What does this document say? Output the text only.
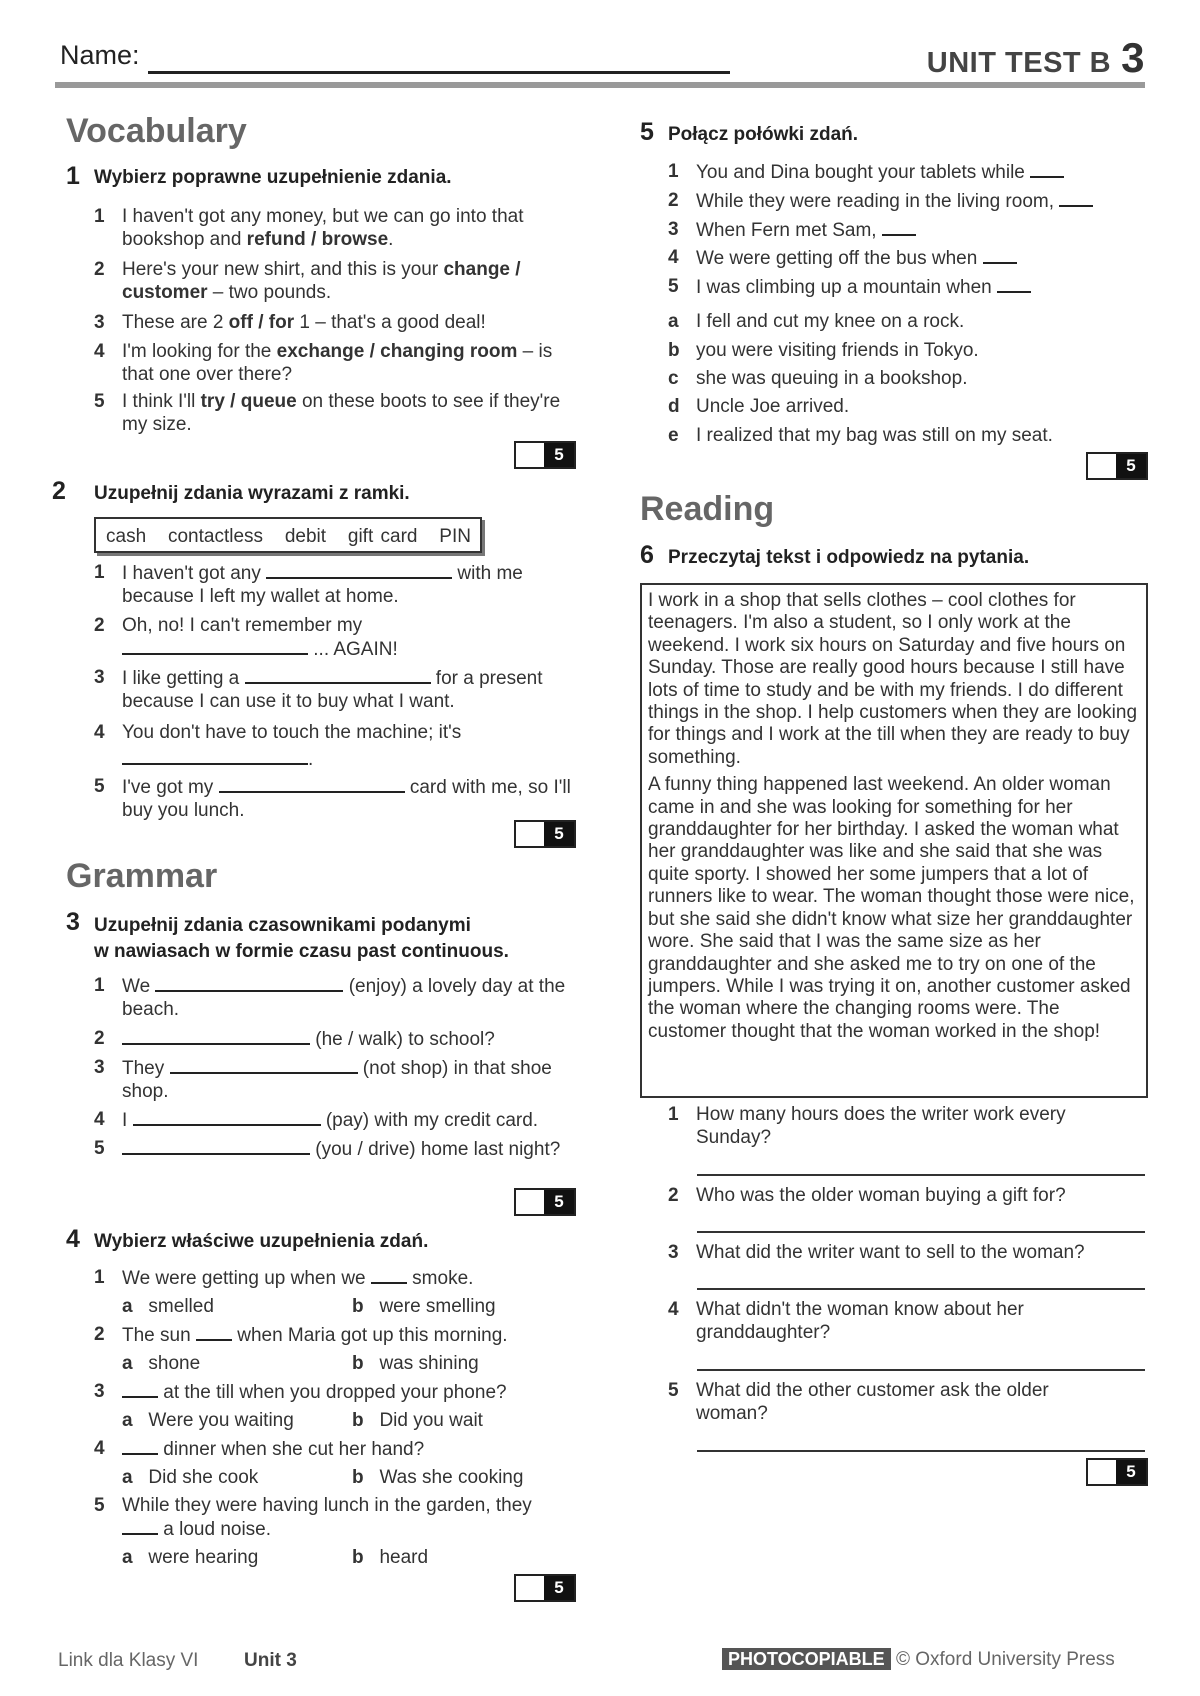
Name:	UNIT TEST B 3
Vocabulary
1 Wybierz poprawne uzupełnienie zdania.
1 I haven't got any money, but we can go into that bookshop and refund / browse.
2 Here's your new shirt, and this is your change / customer – two pounds.
3 These are 2 off / for 1 – that's a good deal!
4 I'm looking for the exchange / changing room – is that one over there?
5 I think I'll try / queue on these boots to see if they're my size.
5
2 Uzupełnij zdania wyrazami z ramki.
cash   contactless   debit   gift card   PIN
1 I haven't got any	with me because I left my wallet at home.
2 Oh, no! I can't remember my
... AGAIN!
3 I like getting a	for a present because I can use it to buy what I want.
4 You don't have to touch the machine; it's
.
5 I've got my	card with me, so I'll buy you lunch.
5
Grammar
3 Uzupełnij zdania czasownikami podanymi
w nawiasach w formie czasu past continuous.
1 We	(enjoy) a lovely day at the beach.
2	(he / walk) to school?
3 They	(not shop) in that shoe shop.
4 I	(pay) with my credit card.
5	(you / drive) home last night?
5
4 Wybierz właściwe uzupełnienia zdań.
1 We were getting up when we  smoke.
a smelled	b were smelling
2 The sun  when Maria got up this morning.
a shone	b was shining
3	at the till when you dropped your phone?
a Were you waiting	b Did you wait
4	dinner when she cut her hand?
a Did she cook	b Was she cooking
5 While they were having lunch in the garden, they  a loud noise.
a were hearing	b heard
5
5 Połącz połówki zdań.
1 You and Dina bought your tablets while
2 While they were reading in the living room,
3 When Fern met Sam,
4 We were getting off the bus when
5 I was climbing up a mountain when
a I fell and cut my knee on a rock.
b you were visiting friends in Tokyo.
c she was queuing in a bookshop.
d Uncle Joe arrived.
e I realized that my bag was still on my seat.
5
Reading
6 Przeczytaj tekst i odpowiedz na pytania.

I work in a shop that sells clothes – cool clothes for teenagers. I'm also a student, so I only work at the weekend. I work six hours on Saturday and five hours on Sunday. Those are really good hours because I still have lots of time to study and be with my friends. I do different things in the shop. I help customers when they are looking for things and I work at the till when they are ready to buy something.

A funny thing happened last weekend. An older woman came in and she was looking for something for her granddaughter for her birthday. I asked the woman what her granddaughter was like and she said that she was quite sporty. I showed her some jumpers that a lot of runners like to wear. The woman thought those were nice, but she said she didn't know what size her granddaughter wore. She said that I was the same size as her granddaughter and she asked me to try on one of the jumpers. While I was trying it on, another customer asked the woman where the changing rooms were. The customer thought that the woman worked in the shop!

1 How many hours does the writer work every Sunday?
2 Who was the older woman buying a gift for?
3 What did the writer want to sell to the woman?
4 What didn't the woman know about her granddaughter?
5 What did the other customer ask the older woman?
5
Link dla Klasy VI Unit 3	PHOTOCOPIABLE © Oxford University Press
